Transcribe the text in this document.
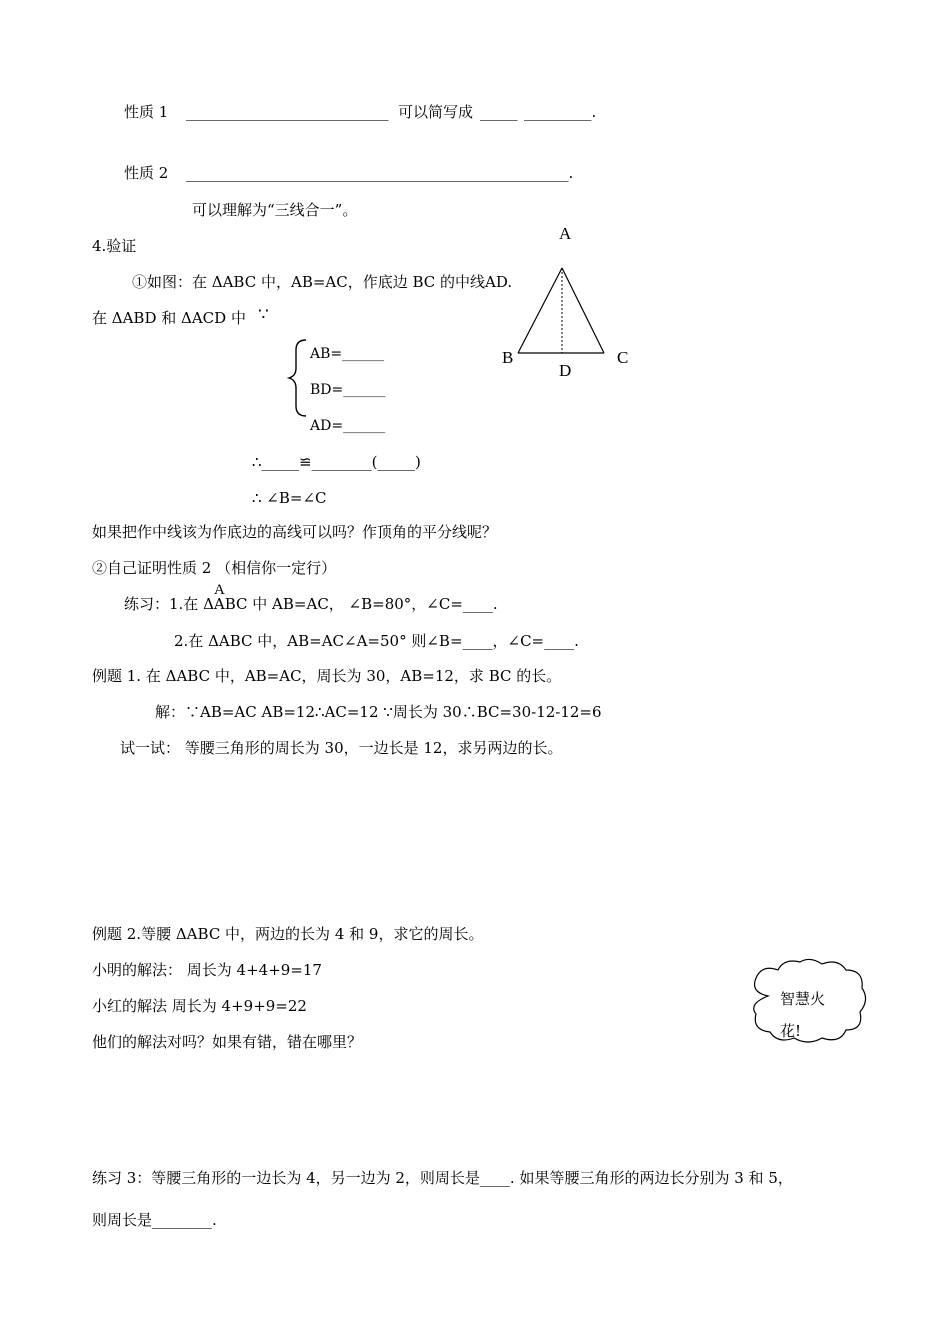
性质 1 ___________________________ 可以简写成 _____ _________.
性质 2 ___________________________________________________.
可以理解为“三线合一”。
4.验证
①如图：在 ΔABC 中，AB=AC，作底边 BC 的中线AD.
在 ΔABD 和 ΔACD 中 ∵
AB=______
BD=______
AD=______
∴_____≌________(_____)
∴ ∠B=∠C
A
B	C
D
如果把作中线该为作底边的高线可以吗？作顶角的平分线呢？
②自己证明性质 2 （相信你一定行）
A
练习：1.在 ΔABC 中 AB=AC， ∠B=80°，∠C=____.
2.在 ΔABC 中，AB=AC∠A=50° 则∠B=____，∠C=____.
例题 1. 在 ΔABC 中，AB=AC，周长为 30，AB=12，求 BC 的长。
解：∵AB=AC AB=12∴AC=12 ∵周长为 30∴BC=30-12-12=6
试一试： 等腰三角形的周长为 30，一边长是 12，求另两边的长。
例题 2.等腰 ΔABC 中，两边的长为 4 和 9，求它的周长。
小明的解法： 周长为 4+4+9=17
小红的解法 周长为 4+9+9=22
他们的解法对吗？如果有错，错在哪里？
智慧火
花!
练习 3：等腰三角形的一边长为 4，另一边为 2，则周长是____. 如果等腰三角形的两边长分别为 3 和 5，
则周长是________.
